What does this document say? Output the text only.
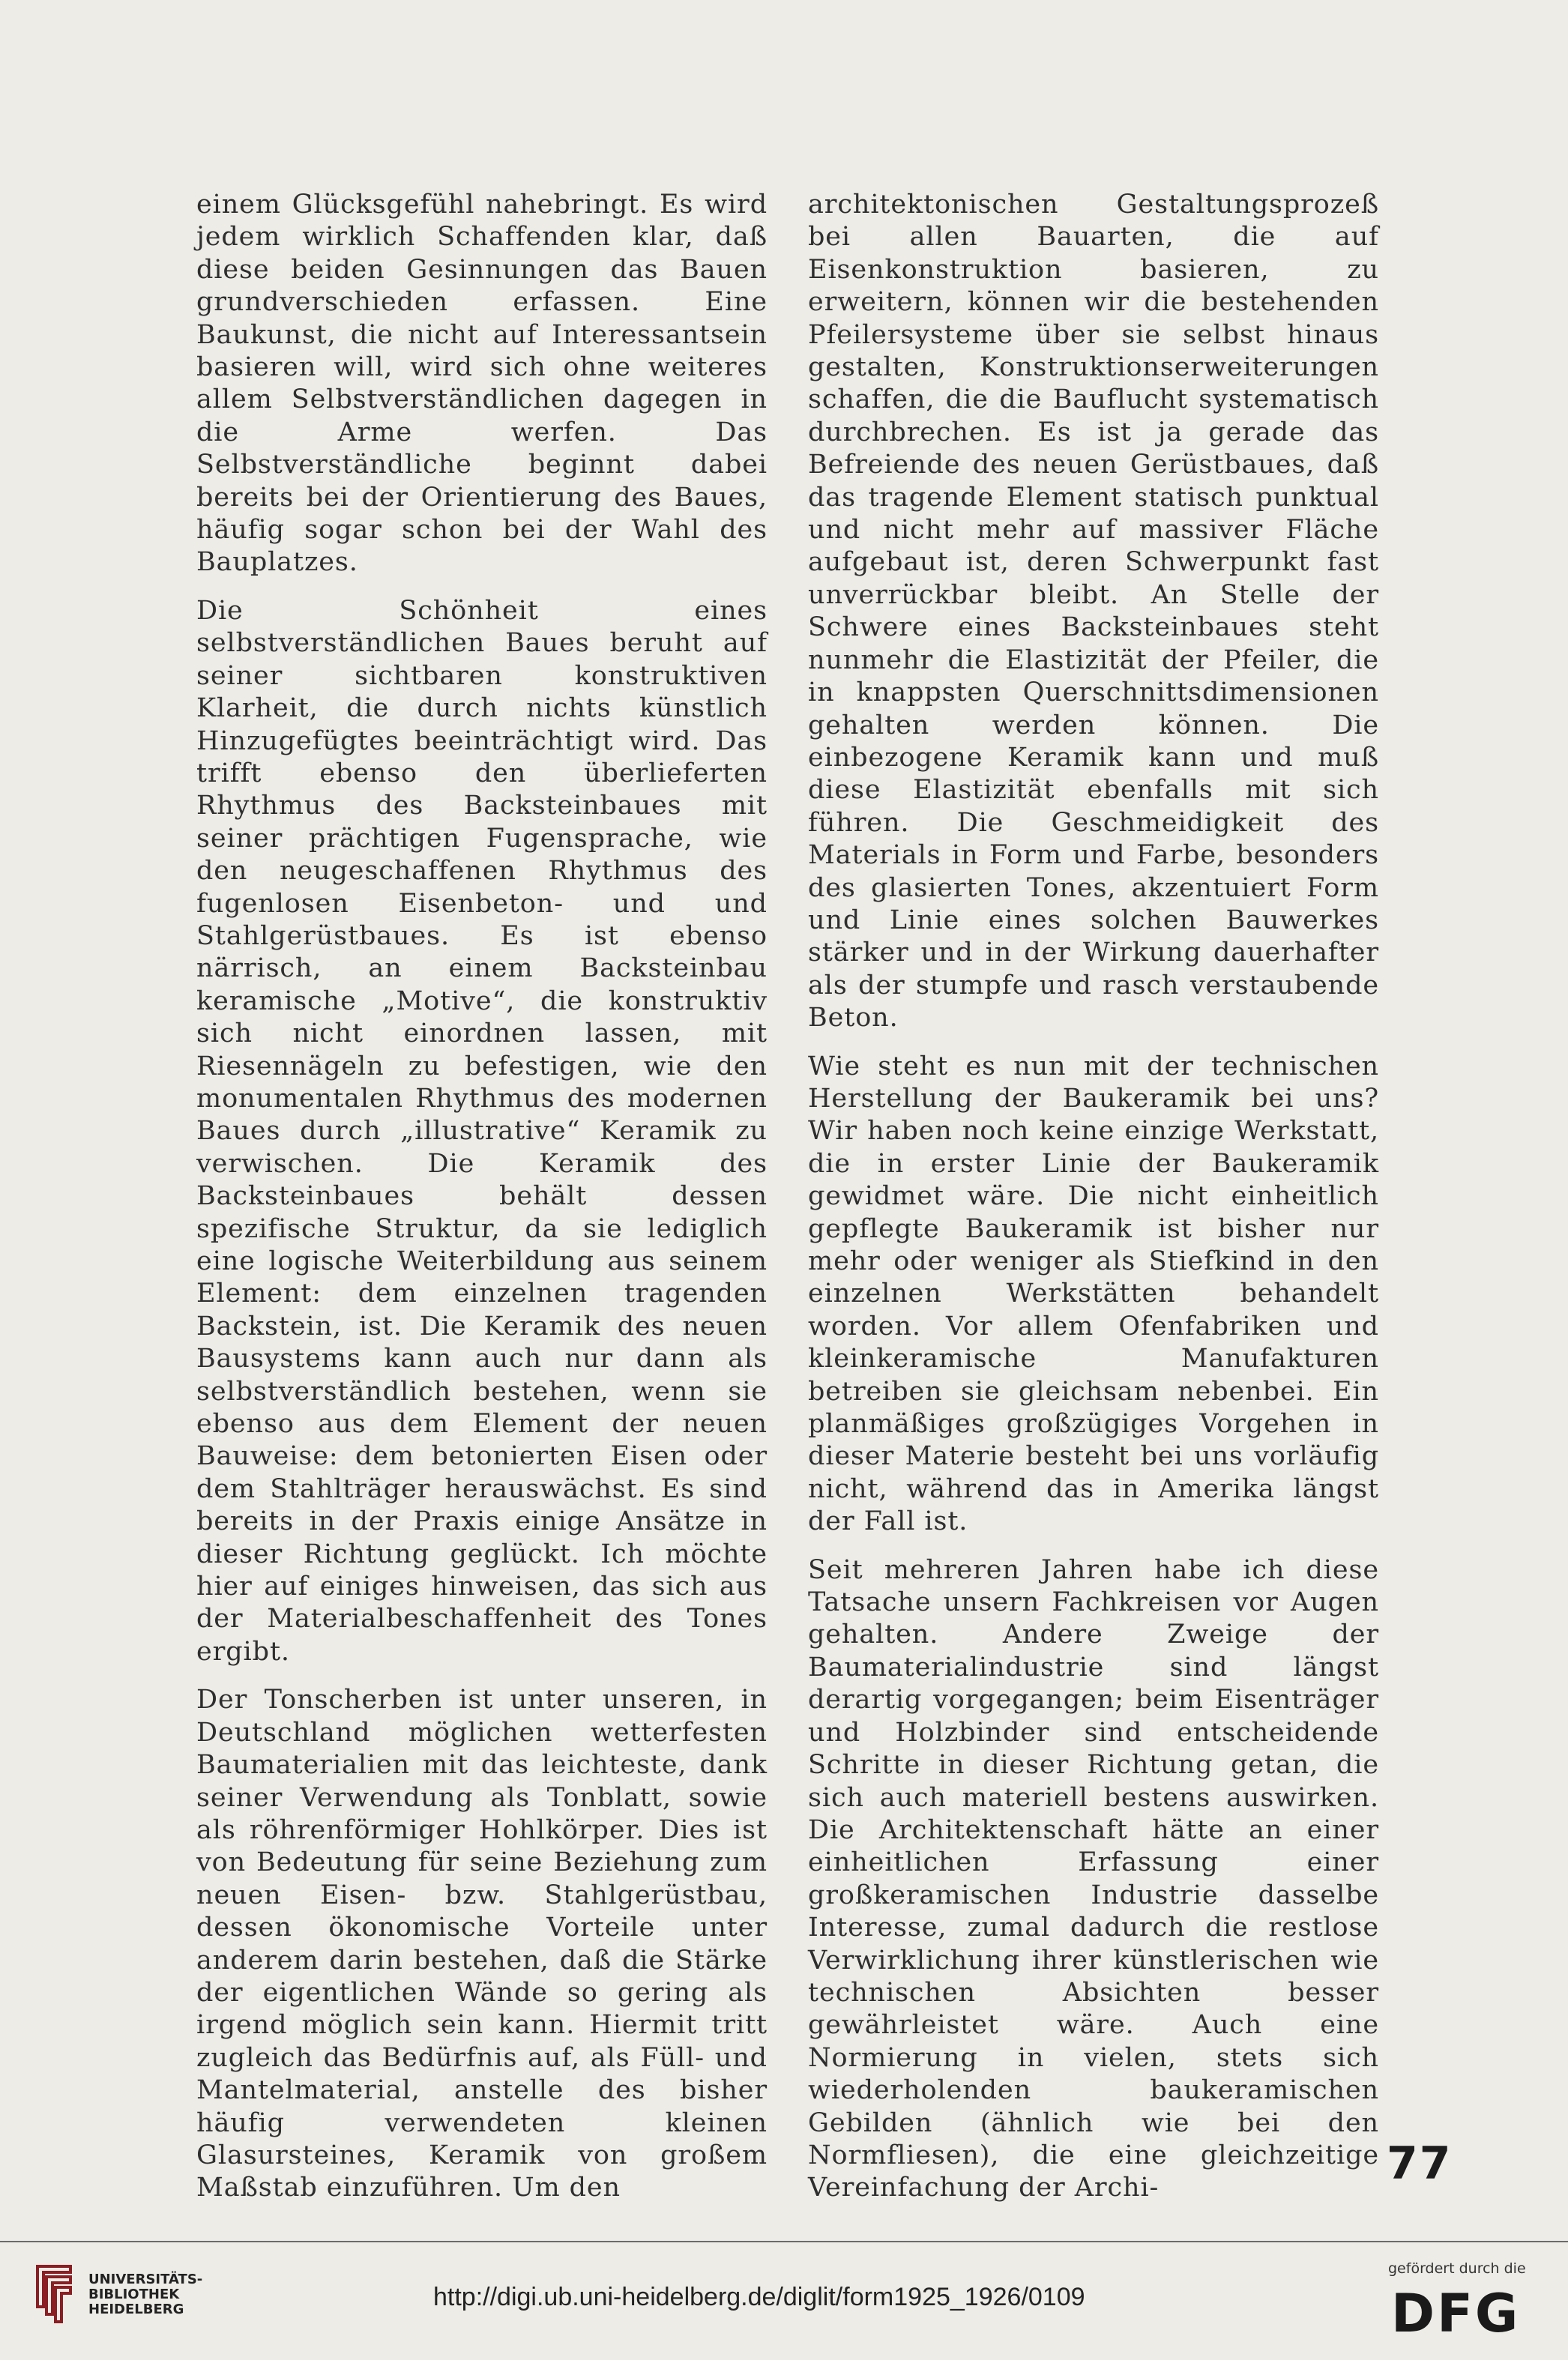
einem Glücksgefühl nahebringt. Es wird jedem wirklich Schaffenden klar, daß diese beiden Gesinnungen das Bauen grundverschieden erfassen. Eine Baukunst, die nicht auf Interessantsein basieren will, wird sich ohne weiteres allem Selbstverständlichen dagegen in die Arme werfen. Das Selbstverständliche beginnt dabei bereits bei der Orientierung des Baues, häufig sogar schon bei der Wahl des Bauplatzes.

Die Schönheit eines selbstverständlichen Baues beruht auf seiner sichtbaren konstruktiven Klarheit, die durch nichts künstlich Hinzugefügtes beeinträchtigt wird. Das trifft ebenso den überlieferten Rhythmus des Backsteinbaues mit seiner prächtigen Fugensprache, wie den neugeschaffenen Rhythmus des fugenlosen Eisenbeton- und und Stahlgerüstbaues. Es ist ebenso närrisch, an einem Backsteinbau keramische „Motive“, die konstruktiv sich nicht einordnen lassen, mit Riesennägeln zu befestigen, wie den monumentalen Rhythmus des modernen Baues durch „illustrative“ Keramik zu verwischen. Die Keramik des Backsteinbaues behält dessen spezifische Struktur, da sie lediglich eine logische Weiterbildung aus seinem Element: dem einzelnen tragenden Backstein, ist. Die Keramik des neuen Bausystems kann auch nur dann als selbstverständlich bestehen, wenn sie ebenso aus dem Element der neuen Bauweise: dem betonierten Eisen oder dem Stahlträger herauswächst. Es sind bereits in der Praxis einige Ansätze in dieser Richtung geglückt. Ich möchte hier auf einiges hinweisen, das sich aus der Materialbeschaffenheit des Tones ergibt.

Der Tonscherben ist unter unseren, in Deutschland möglichen wetterfesten Baumaterialien mit das leichteste, dank seiner Verwendung als Tonblatt, sowie als röhrenförmiger Hohlkörper. Dies ist von Bedeutung für seine Beziehung zum neuen Eisen- bzw. Stahlgerüstbau, dessen ökonomische Vorteile unter anderem darin bestehen, daß die Stärke der eigentlichen Wände so gering als irgend möglich sein kann. Hiermit tritt zugleich das Bedürfnis auf, als Füll- und Mantelmaterial, anstelle des bisher häufig verwendeten kleinen Glasursteines, Keramik von großem Maßstab einzuführen. Um den

architektonischen Gestaltungsprozeß bei allen Bauarten, die auf Eisenkonstruktion basieren, zu erweitern, können wir die bestehenden Pfeilersysteme über sie selbst hinaus gestalten, Konstruktionserweiterungen schaffen, die die Bauflucht systematisch durchbrechen. Es ist ja gerade das Befreiende des neuen Gerüstbaues, daß das tragende Element statisch punktual und nicht mehr auf massiver Fläche aufgebaut ist, deren Schwerpunkt fast unverrückbar bleibt. An Stelle der Schwere eines Backsteinbaues steht nunmehr die Elastizität der Pfeiler, die in knappsten Querschnittsdimensionen gehalten werden können. Die einbezogene Keramik kann und muß diese Elastizität ebenfalls mit sich führen. Die Geschmeidigkeit des Materials in Form und Farbe, besonders des glasierten Tones, akzentuiert Form und Linie eines solchen Bauwerkes stärker und in der Wirkung dauerhafter als der stumpfe und rasch verstaubende Beton.

Wie steht es nun mit der technischen Herstellung der Baukeramik bei uns? Wir haben noch keine einzige Werkstatt, die in erster Linie der Baukeramik gewidmet wäre. Die nicht einheitlich gepflegte Baukeramik ist bisher nur mehr oder weniger als Stiefkind in den einzelnen Werkstätten behandelt worden. Vor allem Ofenfabriken und kleinkeramische Manufakturen betreiben sie gleichsam nebenbei. Ein planmäßiges großzügiges Vorgehen in dieser Materie besteht bei uns vorläufig nicht, während das in Amerika längst der Fall ist.

Seit mehreren Jahren habe ich diese Tatsache unsern Fachkreisen vor Augen gehalten. Andere Zweige der Baumaterialindustrie sind längst derartig vorgegangen; beim Eisenträger und Holzbinder sind entscheidende Schritte in dieser Richtung getan, die sich auch materiell bestens auswirken. Die Architektenschaft hätte an einer einheitlichen Erfassung einer großkeramischen Industrie dasselbe Interesse, zumal dadurch die restlose Verwirklichung ihrer künstlerischen wie technischen Absichten besser gewährleistet wäre. Auch eine Normierung in vielen, stets sich wiederholenden baukeramischen Gebilden (ähnlich wie bei den Normfliesen), die eine gleichzeitige Vereinfachung der Archi-	77
UNIVERSITÄTS-
BIBLIOTHEK
HEIDELBERG	http://digi.ub.uni-heidelberg.de/diglit/form1925_1926/0109
gefördert durch die
DFG
